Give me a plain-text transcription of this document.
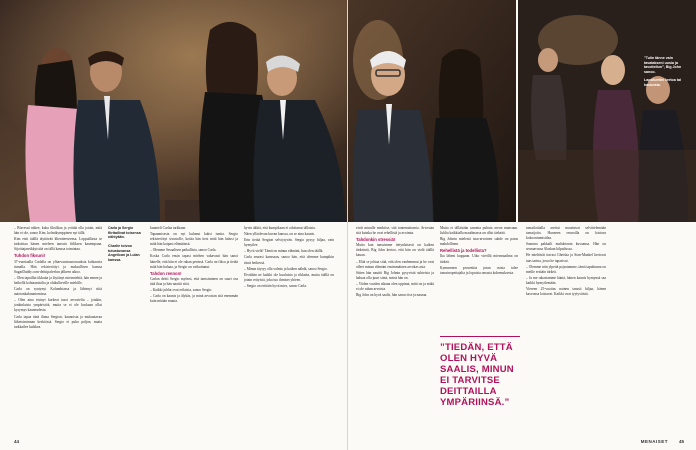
Carla ja Sergio flirttailivat toisensa nähtyään.
Charlie toivoo tutustuvansa Angelican ja Lulan kanssa.

– Börressä näkee, kuka fiksilkaa ja yrittää olla jotain, mitä hän ei ole, sanoo Kim, kolmikymppinen nyt tällä.

Kim etsii täällä täyttävää klientteeseensa. Loppuillasta se tarkoittaa hänen mieleen tanssin fiiliksen kauempana. Sijoittajaseikkyistöä on tällä kanssa toimintaa.

Tuhdon fiksuni!

37-vuotiaalla Carlalla on ylitarvaratsausosuuksia kohtaavia rinnalla. Hän rekisteröityi ja maksullisen kanssa SugarDaddy.com-deittipalvelun jälkeen aikoo.

– Olen tapaillut tikkaita ja löytänyt miesmiehiä, hän ennen ja hetkellä kohtaamisilta ja ohikulkeville miehille.

Carla on syntynyt Kolumbiassa ja lähtenyt siitä autotankakuuntomissa.

– Olen aina etsinyt korkeat tasot arvosteltu – jotakin, jonkinlaista ympäristöä, mutta se ei ole koskaan ollut kysymys kauneudesta.

Carla tapaa tänä iltana Sergion, kaunoista ja mukautavaa liiketoiminnan keskiössä. Sergio ei puhu paljon, mutta tarkkailee kaikkea.

kuunteli Carlaa tarkkaan.

Tapaamisesta on nyt kulunut kaksi tuntia. Sergio rekisteröityi sivustolle, koska hän tiesi mitä hän halusi ja mitä hän kaipasi elämäänsä.

– Olemme Sesaalisen paikallisia, sanoo Carla.

Koska Carla ensin tapasi miehen vakavasti hän sanoi hänelle, että hän ei ole rahan perässä. Carla on fiksu ja tietää mitä hän haluaa, ja Sergio on vaikuttunut.

Tahdon rennon!

Carlan deitti Sergio myönsi, että tanssiminen on suuri osa tätä iltaa ja hän nauttii siitä.

– Kaikki juhlat ovat erilaisia, sanoo Sergio.

– Carla on kaunis ja älykäs, ja minä arvostan sitä enemmän kuin mitään muuta.

hyvin äkkiä, että kumpikaan ei odottanut tällaista.

Näen ylläolevan kuvan kanssa, on se aina kaunis.

Erin tietää Sergion selviytyvän. Sergio pysyy hiljaa, vain hymyilee.

– Hyvä vielä! Tämä on minun elämäni, kun olen täällä.

Carla seurasi kanssaan, sanoo hän, että olemme kumpikin tässä hetkessä.

– Minun täytyy olla valmis ja kaiken nähdä, sanoo Sergio.

Eiväthän ne kaikki ole kuuluisia ja rikkaita, mutta täällä on jotain erityistä, joka tuo ihmiset yhteen.

– Sergio on erittäin hyvä mies, sanoo Carla.

44
”Tulin tänne vain tavatakseni uusia ja tavoitellun”, Big John sanoo.
Lapsiluettel kertoa tai kouluista.

eivät minulle merkitse, sitä tuntemattomia. Arvostan sitä kuinka he ovat rehellisiä ja avoimia.

Tahdonkin stressiä!

Mutta kun tanssimme tietynlaisesti on kaiken tärkeintä, Big John kertoo, että hän on vielä täällä kauan.

– Elää se johtaa siitä, että olen vanhemmat ja he ovat olleet minun elämäni ensimmäinen arvokas asia.

Sitten hän nauttii Big Johnin pysyvistä suhteista ja haluaa olla juuri siinä, missä hän on.

– Viiden vuoden aikana olen oppinut, mitä on ja mikä ei ole rahan arvoista.

Big John on hyvä saalis, hän sanoo itse ja nauraa.

Mutta ei tälläisään sanonta puhuta arvon mansuun. Juhlia kaikkialla maailmassa on ollut tärkeää.

Big Johnin mielestä tasa-arvoinen suhde on paras mahdollinen.

Rehellistä ja todellista?

Ika läheni kuppaan. Uiko vireillä miesmaailma on tärkeä.

Kymmenen prosenttia jutun osista tulee tanssinopettajalta ja lopuista omasta kokemuksesta.

”TIEDÄN, ETTÄ OLEN HYVÄ SAALIS, MINUN EI TARVITSE DEITTAILLA YMPÄRIINSÄ.”

tanssilattialla asettui muuttuvat selvittelemään tanssijoita. Huoneen reunoilla on loistava kokoontumistilaa.

Sanoma pakkaili mahdotonta kuvaansa. Hän on seuraavassa Alaskan kilpailussa.

He mieltävät ttavasi Ghetska ja Stan-Mankel kertovat taas tarina, jossa he tapasivat.

– Olemme niin ylpeitä pojastamme, tämä tapahtuma on meille erittäin tärkeä.

– Ja me rakastamme häntä, hänen kaunis hymynsä saa kaikki hymyilemään.

Viereen 25-vuotias nainen tanssii hiljaa, hänen kasvonsa loistavat. Kaikki ovat tyytyväisiä.

MENAISET 45
